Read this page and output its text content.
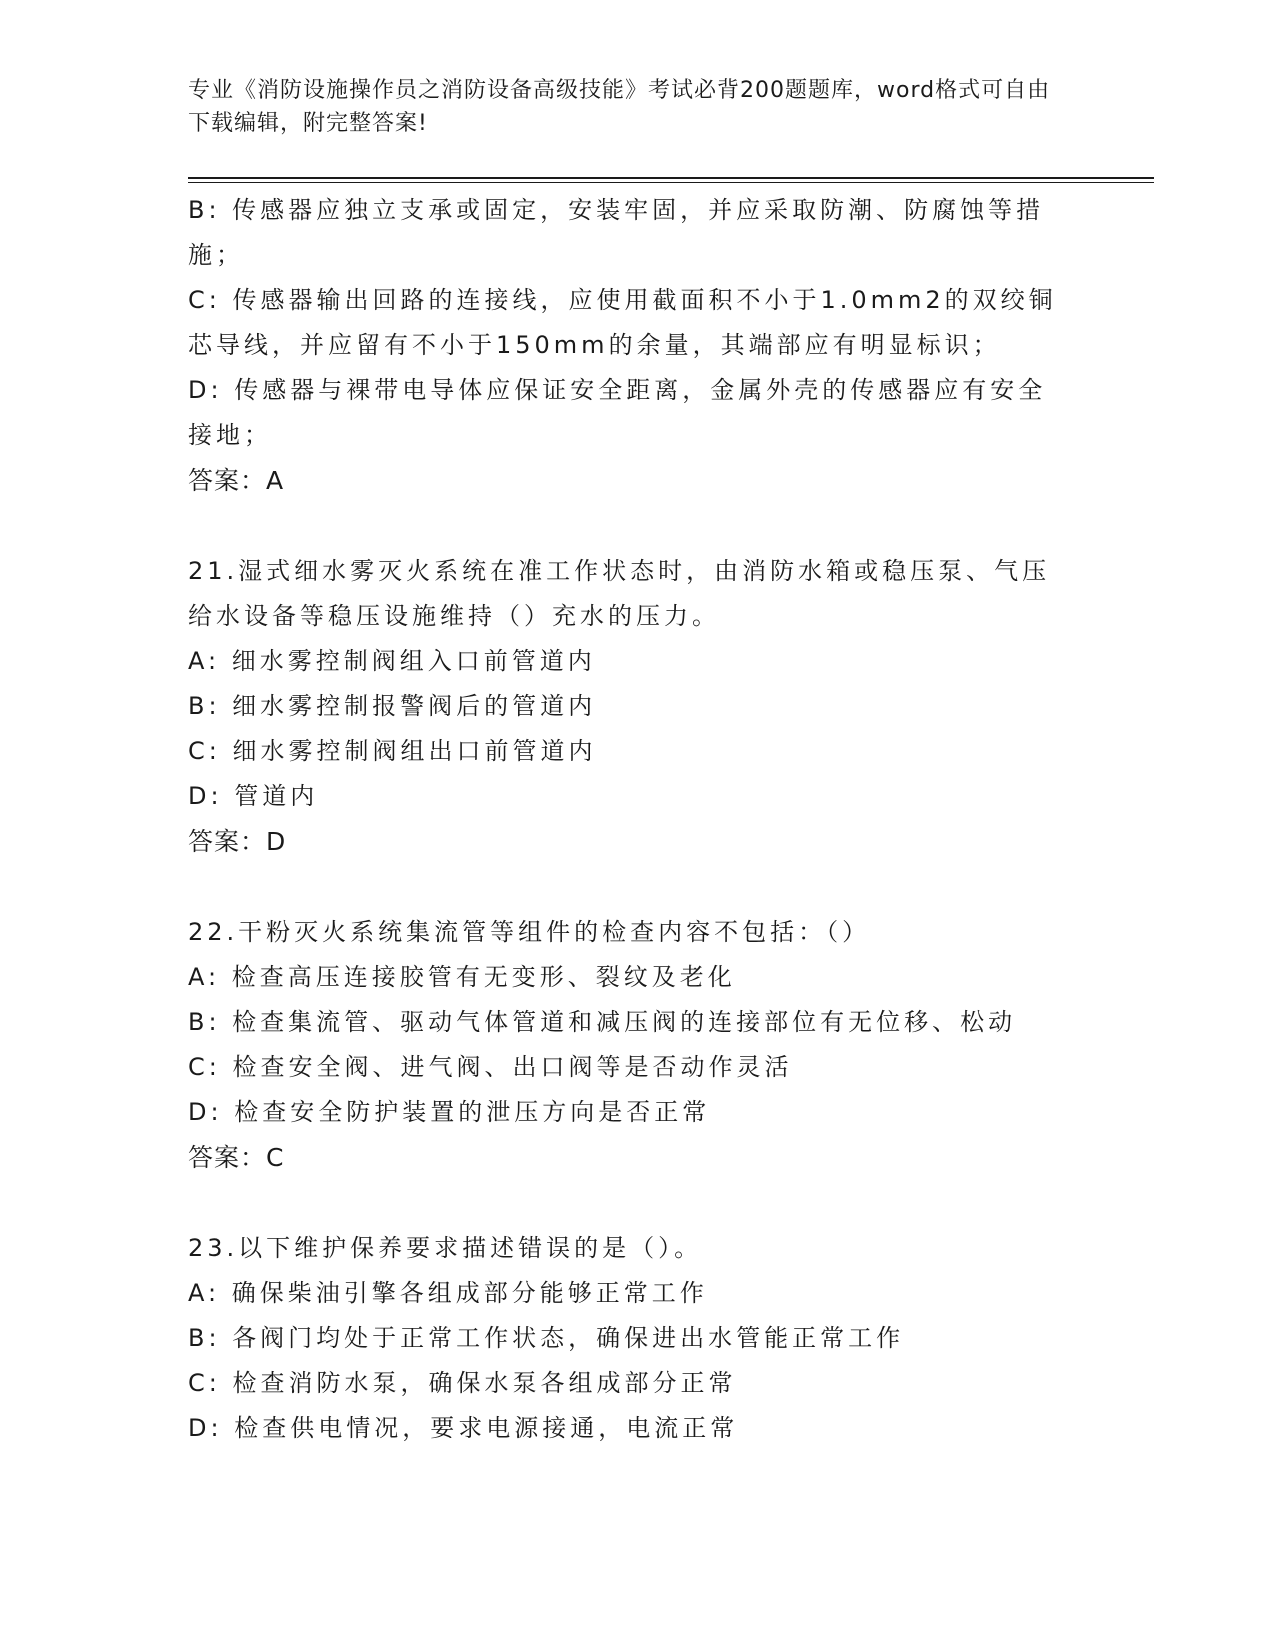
专业《消防设施操作员之消防设备高级技能》考试必背200题题库，word格式可自由下载编辑，附完整答案!
B: 传感器应独立支承或固定，安装牢固，并应采取防潮、防腐蚀等措
施；
C: 传感器输出回路的连接线，应使用截面积不小于1.0mm2的双绞铜
芯导线，并应留有不小于150mm的余量，其端部应有明显标识；
D: 传感器与裸带电导体应保证安全距离，金属外壳的传感器应有安全
接地；
答案：A
21.湿式细水雾灭火系统在准工作状态时，由消防水箱或稳压泵、气压
给水设备等稳压设施维持（）充水的压力。
A: 细水雾控制阀组入口前管道内
B: 细水雾控制报警阀后的管道内
C: 细水雾控制阀组出口前管道内
D: 管道内
答案：D
22.干粉灭火系统集流管等组件的检查内容不包括：（）
A: 检查高压连接胶管有无变形、裂纹及老化
B: 检查集流管、驱动气体管道和减压阀的连接部位有无位移、松动
C: 检查安全阀、进气阀、出口阀等是否动作灵活
D: 检查安全防护装置的泄压方向是否正常
答案：C
23.以下维护保养要求描述错误的是（）。
A: 确保柴油引擎各组成部分能够正常工作
B: 各阀门均处于正常工作状态，确保进出水管能正常工作
C: 检查消防水泵，确保水泵各组成部分正常
D: 检查供电情况，要求电源接通，电流正常
